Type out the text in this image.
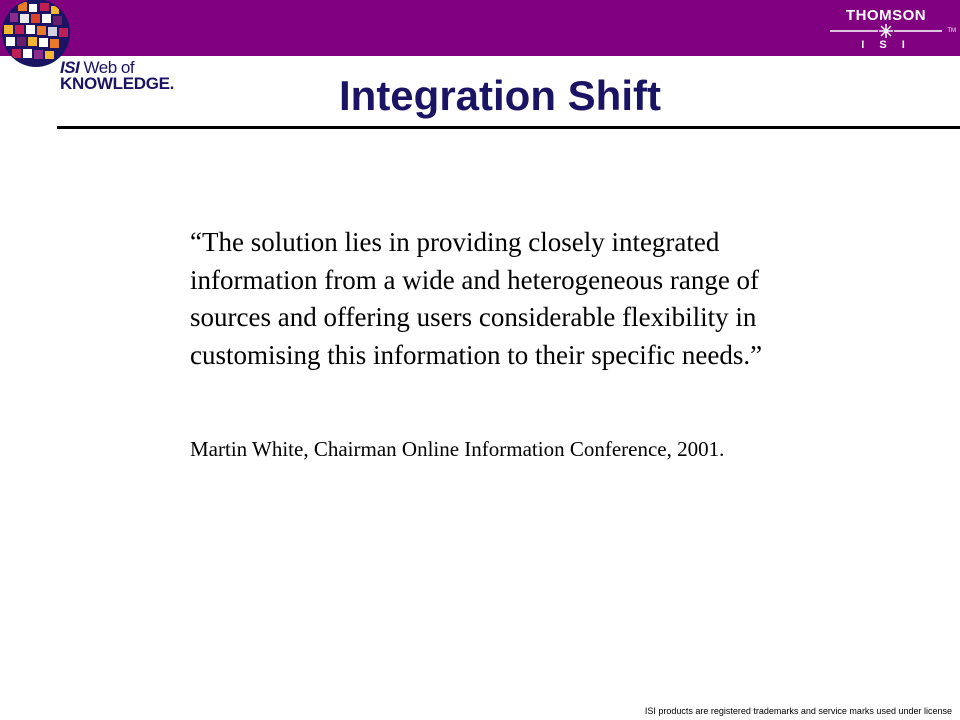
ISI Web of
KNOWLEDGE.
THOMSON
I S I
TM
Integration Shift

“The solution lies in providing closely integrated information from a wide and heterogeneous range of sources and offering users considerable flexibility in customising this information to their specific needs.”

Martin White, Chairman Online Information Conference, 2001.

ISI products are registered trademarks and service marks used under license
